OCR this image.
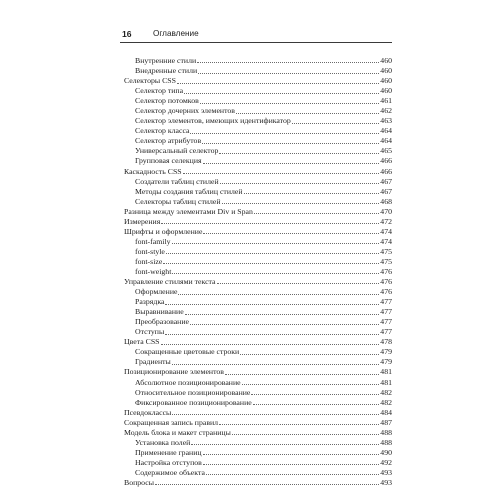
16	Оглавление
Внутренние стили	460
Внедренные стили	460
Селекторы CSS	460
Селектор типа	460
Селектор потомков	461
Селектор дочерних элементов	462
Селектор элементов, имеющих идентификатор	463
Селектор класса	464
Селектор атрибутов	464
Универсальный селектор	465
Групповая селекция	466
Каскадность CSS	466
Создатели таблиц стилей	467
Методы создания таблиц стилей	467
Селекторы таблиц стилей	468
Разница между элементами Div и Span	470
Измерения	472
Шрифты и оформление	474
font-family	474
font-style	475
font-size	475
font-weight	476
Управление стилями текста	476
Оформление	476
Разрядка	477
Выравнивание	477
Преобразование	477
Отступы	477
Цвета CSS	478
Сокращенные цветовые строки	479
Градиенты	479
Позиционирование элементов	481
Абсолютное позиционирование	481
Относительное позиционирование	482
Фиксированное позиционирование	482
Псевдоклассы	484
Сокращенная запись правил	487
Модель блока и макет страницы	488
Установка полей	488
Применение границ	490
Настройка отступов	492
Содержимое объекта	493
Вопросы	493
